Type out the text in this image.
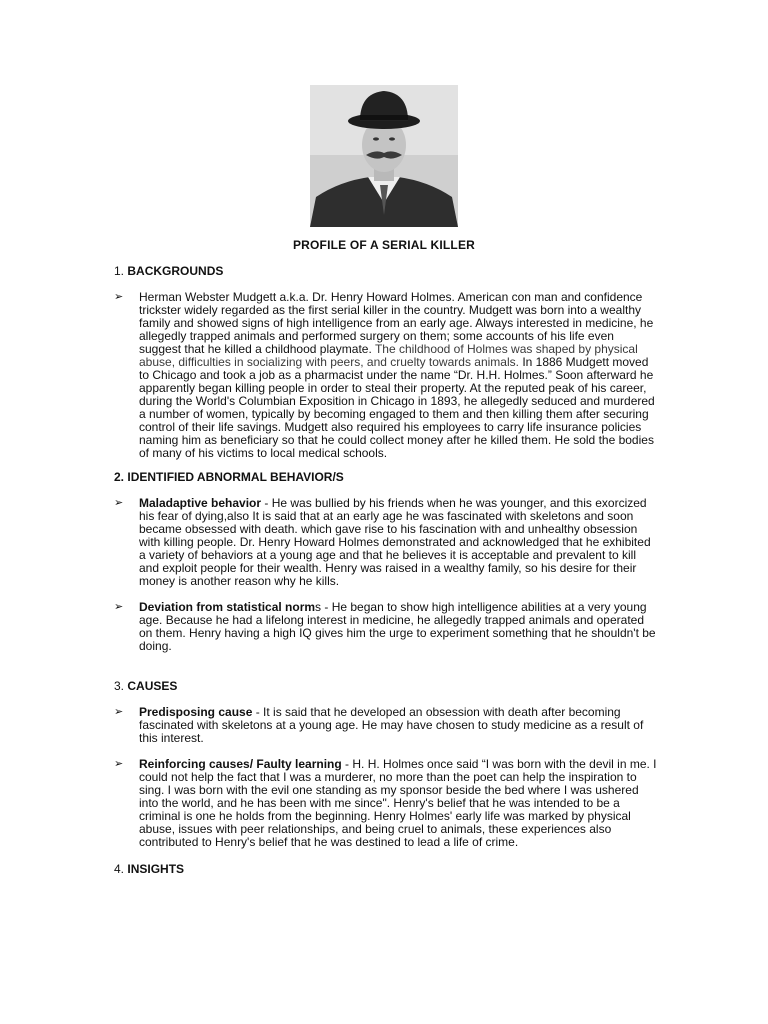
PROFILE OF A SERIAL KILLER

1. BACKGROUNDS

➢ Herman Webster Mudgett a.k.a. Dr. Henry Howard Holmes. American con man and confidence trickster widely regarded as the first serial killer in the country. Mudgett was born into a wealthy family and showed signs of high intelligence from an early age. Always interested in medicine, he allegedly trapped animals and performed surgery on them; some accounts of his life even suggest that he killed a childhood playmate. The childhood of Holmes was shaped by physical abuse, difficulties in socializing with peers, and cruelty towards animals. In 1886 Mudgett moved to Chicago and took a job as a pharmacist under the name “Dr. H.H. Holmes.” Soon afterward he apparently began killing people in order to steal their property. At the reputed peak of his career, during the World's Columbian Exposition in Chicago in 1893, he allegedly seduced and murdered a number of women, typically by becoming engaged to them and then killing them after securing control of their life savings. Mudgett also required his employees to carry life insurance policies naming him as beneficiary so that he could collect money after he killed them. He sold the bodies of many of his victims to local medical schools.

2. IDENTIFIED ABNORMAL BEHAVIOR/S

➢ Maladaptive behavior - He was bullied by his friends when he was younger, and this exorcized his fear of dying,also It is said that at an early age he was fascinated with skeletons and soon became obsessed with death. which gave rise to his fascination with and unhealthy obsession with killing people. Dr. Henry Howard Holmes demonstrated and acknowledged that he exhibited a variety of behaviors at a young age and that he believes it is acceptable and prevalent to kill and exploit people for their wealth. Henry was raised in a wealthy family, so his desire for their money is another reason why he kills.

➢ Deviation from statistical norms - He began to show high intelligence abilities at a very young age. Because he had a lifelong interest in medicine, he allegedly trapped animals and operated on them. Henry having a high IQ gives him the urge to experiment something that he shouldn't be doing.

3. CAUSES

➢ Predisposing cause - It is said that he developed an obsession with death after becoming fascinated with skeletons at a young age. He may have chosen to study medicine as a result of this interest.

➢ Reinforcing causes/ Faulty learning - H. H. Holmes once said “I was born with the devil in me. I could not help the fact that I was a murderer, no more than the poet can help the inspiration to sing. I was born with the evil one standing as my sponsor beside the bed where I was ushered into the world, and he has been with me since". Henry's belief that he was intended to be a criminal is one he holds from the beginning. Henry Holmes' early life was marked by physical abuse, issues with peer relationships, and being cruel to animals, these experiences also contributed to Henry's belief that he was destined to lead a life of crime.

4. INSIGHTS
